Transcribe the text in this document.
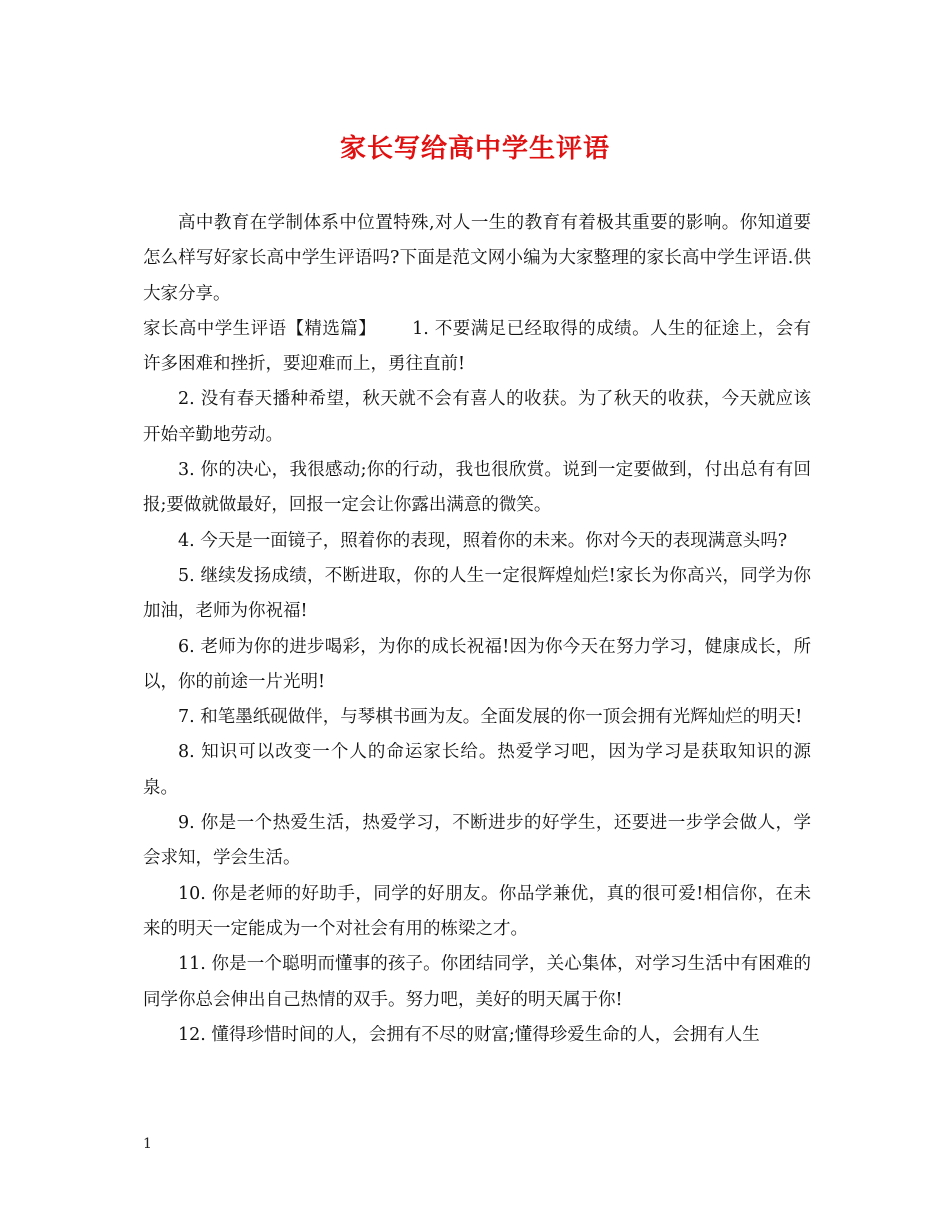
家长写给高中学生评语

高中教育在学制体系中位置特殊,对人一生的教育有着极其重要的影响。你知道要怎么样写好家长高中学生评语吗?下面是范文网小编为大家整理的家长高中学生评语.供大家分享。

家长高中学生评语【精选篇】 1. 不要满足已经取得的成绩。人生的征途上，会有许多困难和挫折，要迎难而上，勇往直前!

2. 没有春天播种希望，秋天就不会有喜人的收获。为了秋天的收获，今天就应该开始辛勤地劳动。

3. 你的决心，我很感动;你的行动，我也很欣赏。说到一定要做到，付出总有有回报;要做就做最好，回报一定会让你露出满意的微笑。

4. 今天是一面镜子，照着你的表现，照着你的未来。你对今天的表现满意头吗?

5. 继续发扬成绩，不断进取，你的人生一定很辉煌灿烂!家长为你高兴，同学为你加油，老师为你祝福!

6. 老师为你的进步喝彩，为你的成长祝福!因为你今天在努力学习，健康成长，所以，你的前途一片光明!

7. 和笔墨纸砚做伴，与琴棋书画为友。全面发展的你一顶会拥有光辉灿烂的明天!

8. 知识可以改变一个人的命运家长给。热爱学习吧，因为学习是获取知识的源泉。

9. 你是一个热爱生活，热爱学习，不断进步的好学生，还要进一步学会做人，学会求知，学会生活。

10. 你是老师的好助手，同学的好朋友。你品学兼优，真的很可爱!相信你，在未来的明天一定能成为一个对社会有用的栋梁之才。

11. 你是一个聪明而懂事的孩子。你团结同学，关心集体，对学习生活中有困难的同学你总会伸出自己热情的双手。努力吧，美好的明天属于你!

12. 懂得珍惜时间的人，会拥有不尽的财富;懂得珍爱生命的人，会拥有人生

1
